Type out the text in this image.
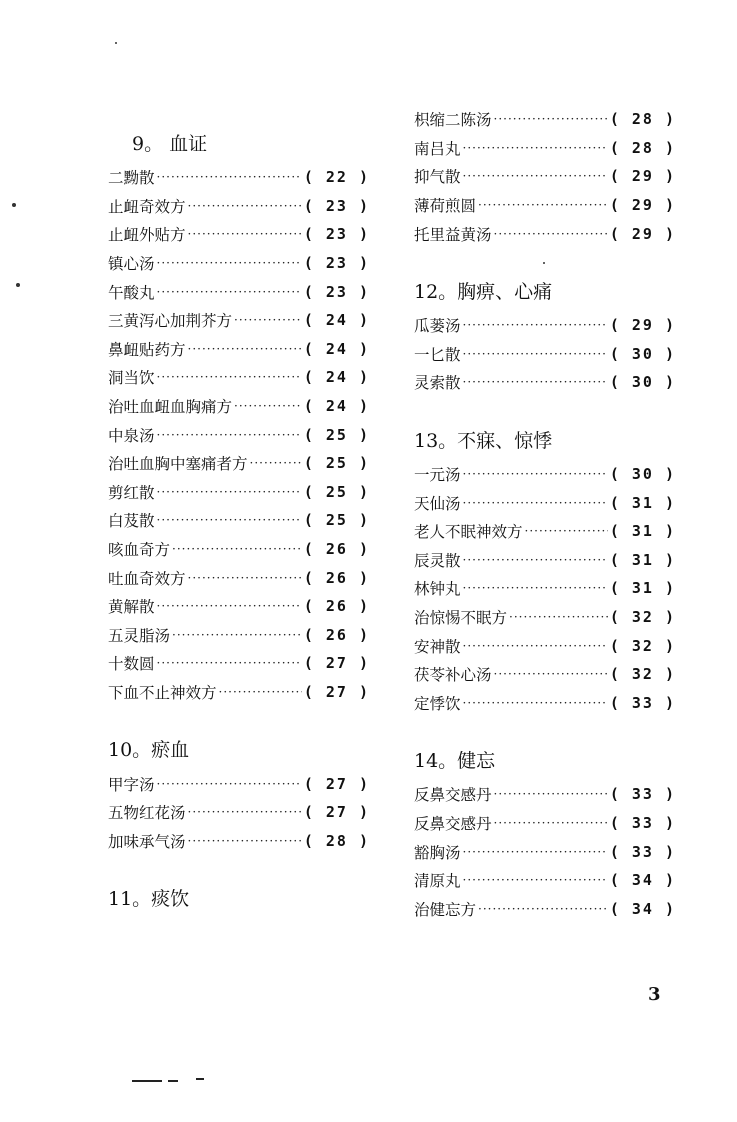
9。 血证
二黝散 ·····	( 22 )
止衄奇效方 ·····	( 23 )
止衄外贴方 ·····	( 23 )
镇心汤 ·····	( 23 )
午酸丸 ·····	( 23 )
三黄泻心加荆芥方 ·····	( 24 )
鼻衄贴药方 ·····	( 24 )
洞当饮 ·····	( 24 )
治吐血衄血胸痛方 ·····	( 24 )
中泉汤 ·····	( 25 )
治吐血胸中塞痛者方 ·····	( 25 )
剪红散 ·····	( 25 )
白芨散 ·····	( 25 )
咳血奇方 ·····	( 26 )
吐血奇效方 ·····	( 26 )
黄解散 ·····	( 26 )
五灵脂汤 ·····	( 26 )
十数圆 ·····	( 27 )
下血不止神效方 ·····	( 27 )
10。瘀血
甲字汤 ·····	( 27 )
五物红花汤 ·····	( 27 )
加味承气汤 ·····	( 28 )
11。痰饮
枳缩二陈汤 ·····	( 28 )
南吕丸 ·····	( 28 )
抑气散 ·····	( 29 )
薄荷煎圆 ·····	( 29 )
托里益黄汤 ·····	( 29 )
12。胸痹、心痛
瓜蒌汤 ·····	( 29 )
一匕散 ·····	( 30 )
灵索散 ·····	( 30 )
13。不寐、惊悸
一元汤 ·····	( 30 )
天仙汤 ·····	( 31 )
老人不眠神效方 ·····	( 31 )
辰灵散 ·····	( 31 )
林钟丸 ·····	( 31 )
治惊惕不眠方 ·····	( 32 )
安神散 ·····	( 32 )
茯苓补心汤 ·····	( 32 )
定悸饮 ·····	( 33 )
14。健忘
反鼻交感丹 ·····	( 33 )
反鼻交感丹 ·····	( 33 )
豁胸汤 ·····	( 33 )
清原丸 ·····	( 34 )
治健忘方 ·····	( 34 )
3
